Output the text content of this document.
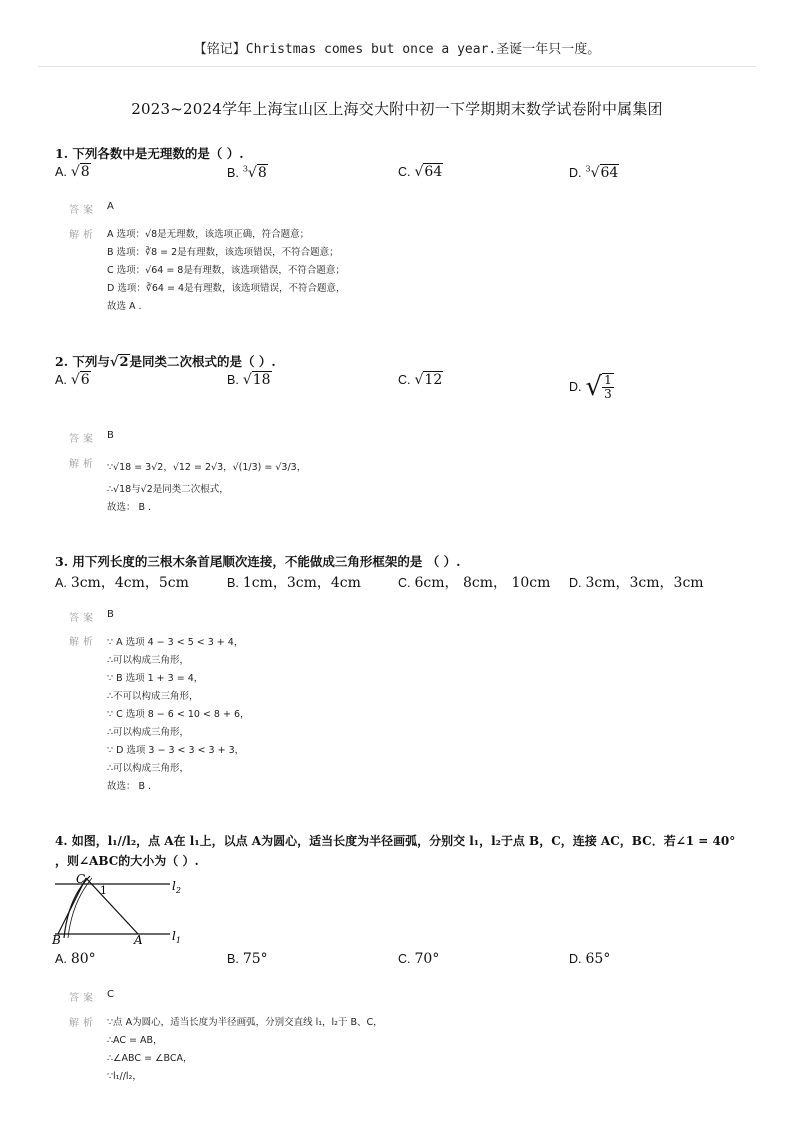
【铭记】Christmas comes but once a year.圣诞一年只一度。
2023~2024学年上海宝山区上海交大附中初一下学期期末数学试卷附中属集团
1. 下列各数中是无理数的是（ ）.
A. √8	B. $^3$√8	C. √64	D. $^3$√64
答案 A
解析 A 选项：√8是无理数，该选项正确，符合题意；
B 选项：∛8 = 2是有理数，该选项错误，不符合题意；
C 选项：√64 = 8是有理数，该选项错误，不符合题意；
D 选项：∛64 = 4是有理数，该选项错误，不符合题意，
故选 A .
2. 下列与√2是同类二次根式的是（ ）.
A. √6	B. √18	C. √12	D. √ $\frac{1}{3}$
答案 B
解析 ∵√18 = 3√2，√12 = 2√3，√(1/3) = √3/3，
∴√18与√2是同类二次根式，
故选： B .
3. 用下列长度的三根木条首尾顺次连接，不能做成三角形框架的是 （ ）.
A. 3cm，4cm，5cm	B. 1cm，3cm，4cm	C. 6cm， 8cm， 10cm D. 3cm，3cm，3cm
答案 B
解析 ∵ A 选项 4 − 3 < 5 < 3 + 4，
∴可以构成三角形，
∵ B 选项 1 + 3 = 4，
∴不可以构成三角形，
∵ C 选项 8 − 6 < 10 < 8 + 6，
∴可以构成三角形，
∵ D 选项 3 − 3 < 3 < 3 + 3，
∴可以构成三角形，
故选： B .
4. 如图，l₁//l₂，点 A在 l₁上，以点 A为圆心，适当长度为半径画弧，分别交 l₁，l₂于点 B，C，连接 AC，BC．若∠1 = 40°
，则∠ABC的大小为（ ）.
C
1	$l_2$
B	A $l_1$
A. 80°	B. 75°	C. 70°	D. 65°
答案 C
解析 ∵点 A为圆心，适当长度为半径画弧，分别交直线 l₁，l₂于 B、C，
∴AC = AB，
∴∠ABC = ∠BCA，
∵l₁//l₂，
